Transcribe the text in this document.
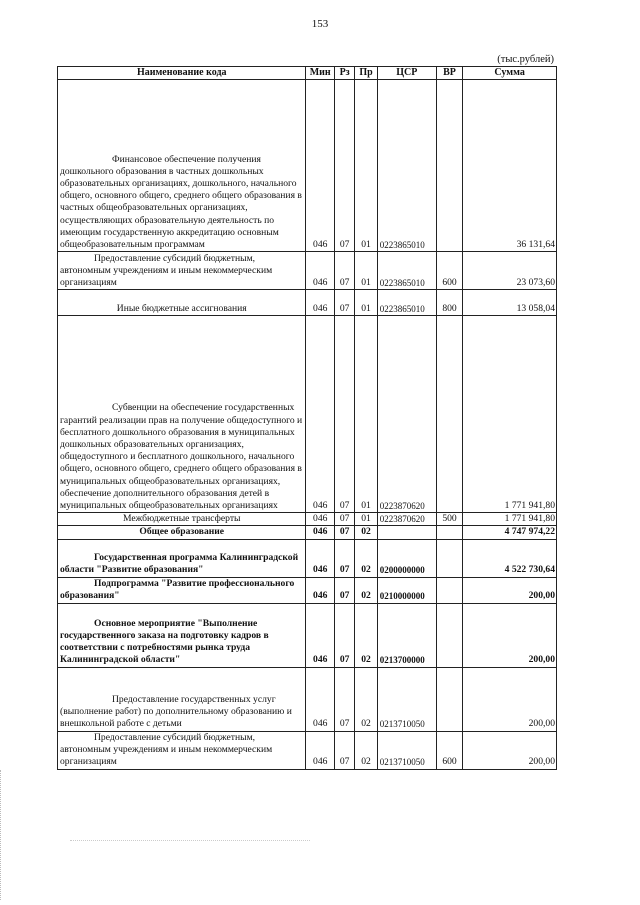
153
(тыс.рублей)
Наименование кода	Мин	Рз	Пр	ЦСР	ВР	Сумма
Финансовое обеспечение получения дошкольного образования в частных дошкольных образовательных организациях, дошкольного, начального общего, основного общего, среднего общего образования в частных общеобразовательных организациях, осуществляющих образовательную деятельность по имеющим государственную аккредитацию основным общеобразовательным программам	046	07	01	0223865010		36 131,64
Предоставление субсидий бюджетным, автономным учреждениям и иным некоммерческим организациям	046	07	01	0223865010	600	23 073,60
Иные бюджетные ассигнования	046	07	01	0223865010	800	13 058,04
Субвенции на обеспечение государственных гарантий реализации прав на получение общедоступного и бесплатного дошкольного образования в муниципальных дошкольных образовательных организациях, общедоступного и бесплатного дошкольного, начального общего, основного общего, среднего общего образования в муниципальных общеобразовательных организациях, обеспечение дополнительного образования детей в муниципальных общеобразовательных организациях	046	07	01	0223870620		1 771 941,80
Межбюджетные трансферты	046	07	01	0223870620	500	1 771 941,80
Общее образование	046	07	02			4 747 974,22
Государственная программа Калининградской области "Развитие образования"	046	07	02	0200000000		4 522 730,64
Подпрограмма "Развитие профессионального образования"	046	07	02	0210000000		200,00
Основное мероприятие "Выполнение государственного заказа на подготовку кадров в соответствии с потребностями рынка труда Калининградской области"	046	07	02	0213700000		200,00
Предоставление государственных услуг (выполнение работ) по дополнительному образованию и внешкольной работе с детьми	046	07	02	0213710050		200,00
Предоставление субсидий бюджетным, автономным учреждениям и иным некоммерческим организациям	046	07	02	0213710050	600	200,00
